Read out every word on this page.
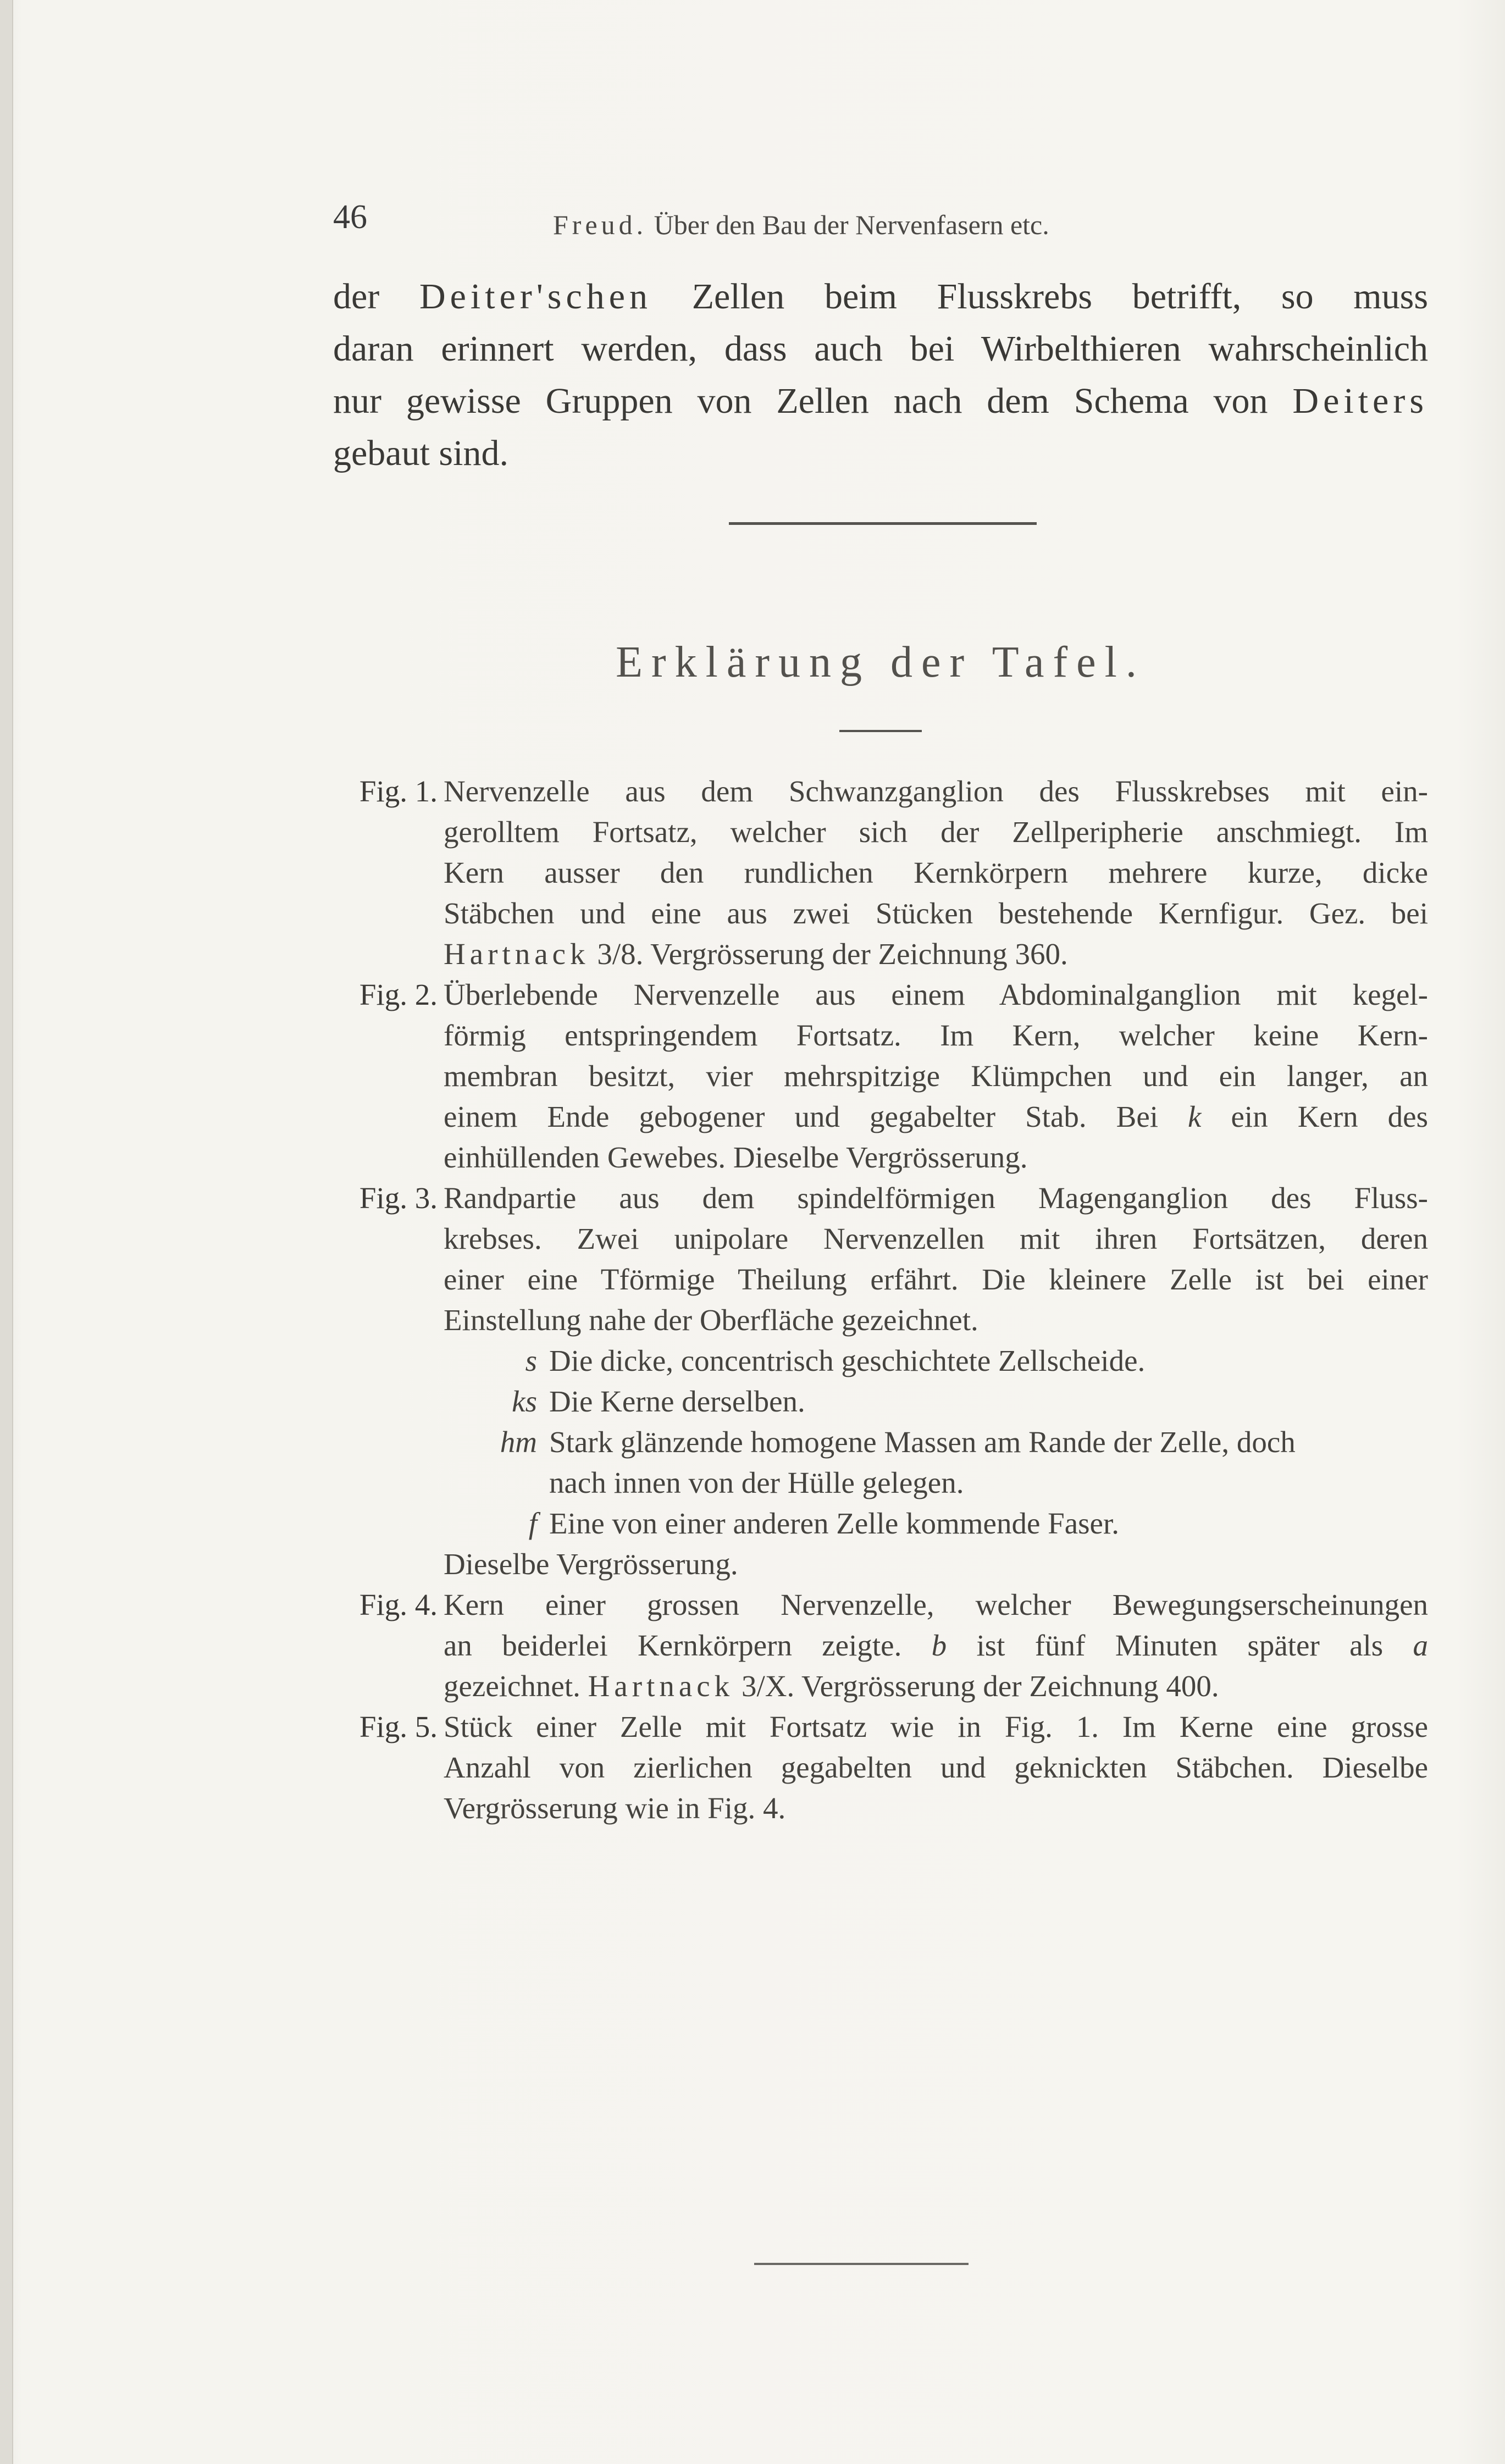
46	Freud. Über den Bau der Nervenfasern etc.

der Deiter'schen Zellen beim Flusskrebs betrifft, so muss
daran erinnert werden, dass auch bei Wirbelthieren wahrscheinlich
nur gewisse Gruppen von Zellen nach dem Schema von Deiters
gebaut sind.

Erklärung der Tafel.
Fig. 1. Nervenzelle aus dem Schwanzganglion des Flusskrebses mit ein-
gerolltem Fortsatz, welcher sich der Zellperipherie anschmiegt. Im
Kern ausser den rundlichen Kernkörpern mehrere kurze, dicke
Stäbchen und eine aus zwei Stücken bestehende Kernfigur. Gez. bei
Hartnack 3/8. Vergrösserung der Zeichnung 360.
Fig. 2. Überlebende Nervenzelle aus einem Abdominalganglion mit kegel-
förmig entspringendem Fortsatz. Im Kern, welcher keine Kern-
membran besitzt, vier mehrspitzige Klümpchen und ein langer, an
einem Ende gebogener und gegabelter Stab. Bei k ein Kern des
einhüllenden Gewebes. Dieselbe Vergrösserung.
Fig. 3. Randpartie aus dem spindelförmigen Magenganglion des Fluss-
krebses. Zwei unipolare Nervenzellen mit ihren Fortsätzen, deren
einer eine Tförmige Theilung erfährt. Die kleinere Zelle ist bei einer
Einstellung nahe der Oberfläche gezeichnet.
s Die dicke, concentrisch geschichtete Zellscheide.
ks Die Kerne derselben.
hm Stark glänzende homogene Massen am Rande der Zelle, doch
nach innen von der Hülle gelegen.
f Eine von einer anderen Zelle kommende Faser.
Dieselbe Vergrösserung.
Fig. 4. Kern einer grossen Nervenzelle, welcher Bewegungserscheinungen
an beiderlei Kernkörpern zeigte. b ist fünf Minuten später als a
gezeichnet. Hartnack 3/X. Vergrösserung der Zeichnung 400.
Fig. 5. Stück einer Zelle mit Fortsatz wie in Fig. 1. Im Kerne eine grosse
Anzahl von zierlichen gegabelten und geknickten Stäbchen. Dieselbe
Vergrösserung wie in Fig. 4.
